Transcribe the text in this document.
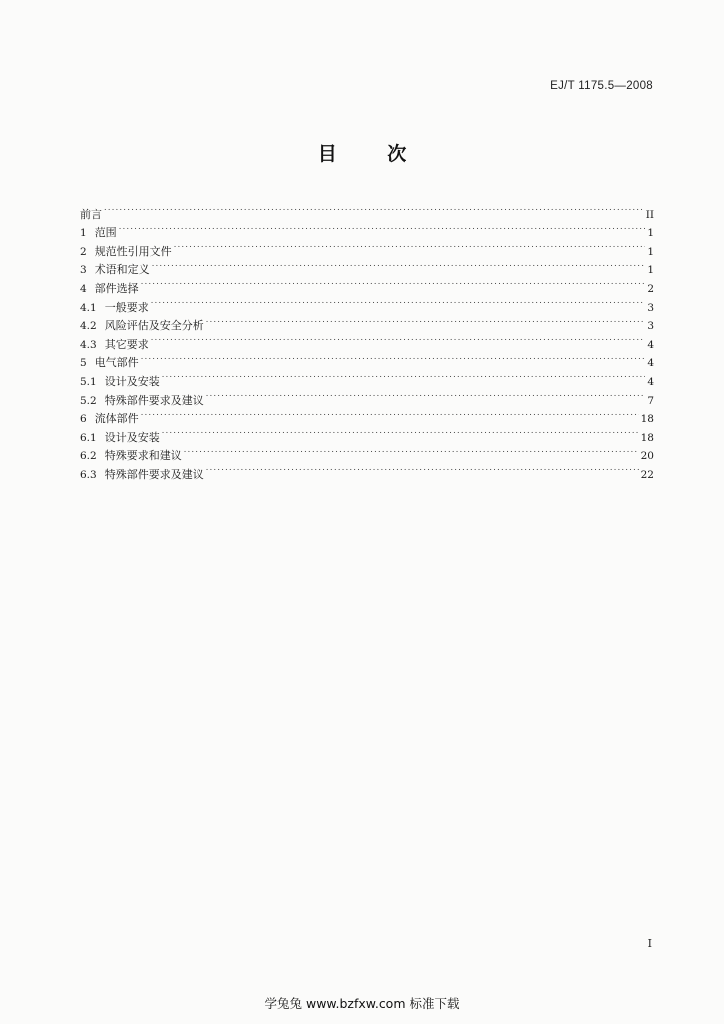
EJ/T 1175.5—2008
目 次
前言 . . .	II
1 范围 . . .	1
2 规范性引用文件 . . .	1
3 术语和定义 . . .	1
4 部件选择 . . .	2
4.1 一般要求 . . .	3
4.2 风险评估及安全分析 . . .	3
4.3 其它要求 . . .	4
5 电气部件 . . .	4
5.1 设计及安装 . . .	4
5.2 特殊部件要求及建议 . . .	7
6 流体部件 . . .	18
6.1 设计及安装 . . .	18
6.2 特殊要求和建议 . . .	20
6.3 特殊部件要求及建议 . . .	22
I
学兔兔 www.bzfxw.com 标准下载
